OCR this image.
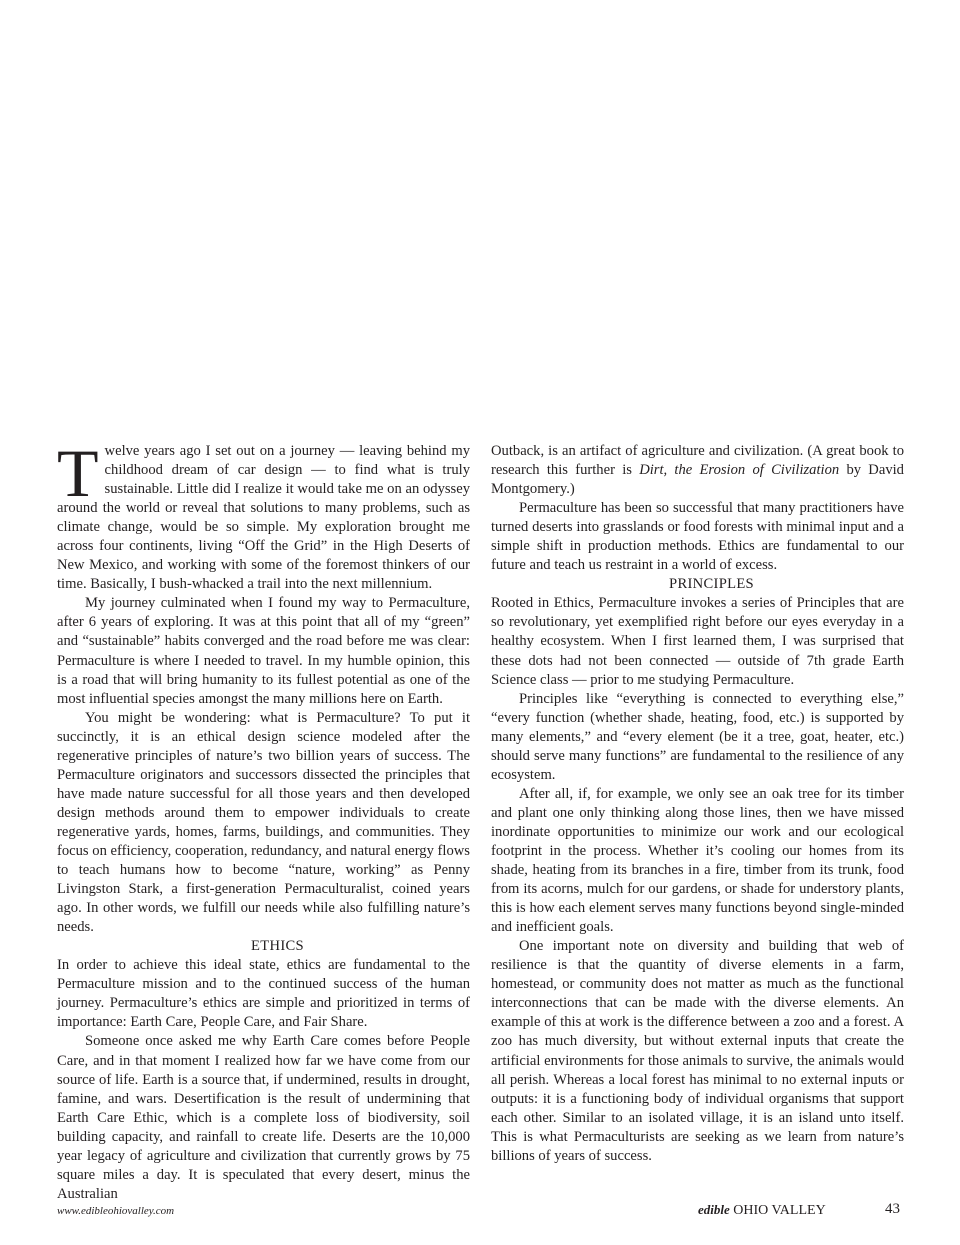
Twelve years ago I set out on a journey — leaving behind my childhood dream of car design — to find what is truly sustainable. Little did I realize it would take me on an odyssey around the world or reveal that solutions to many problems, such as climate change, would be so simple. My exploration brought me across four continents, living “Off the Grid” in the High Deserts of New Mexico, and working with some of the foremost thinkers of our time. Basically, I bush-whacked a trail into the next millennium.

My journey culminated when I found my way to Permaculture, after 6 years of exploring. It was at this point that all of my “green” and “sustainable” habits converged and the road before me was clear: Permaculture is where I needed to travel. In my humble opinion, this is a road that will bring humanity to its fullest potential as one of the most influential species amongst the many millions here on Earth.

You might be wondering: what is Permaculture? To put it succinctly, it is an ethical design science modeled after the regenerative principles of nature’s two billion years of success. The Permaculture originators and successors dissected the principles that have made nature successful for all those years and then developed design methods around them to empower individuals to create regenerative yards, homes, farms, buildings, and communities. They focus on efficiency, cooperation, redundancy, and natural energy flows to teach humans how to become “nature, working” as Penny Livingston Stark, a first-generation Permaculturalist, coined years ago. In other words, we fulfill our needs while also fulfilling nature’s needs.

ETHICS

In order to achieve this ideal state, ethics are fundamental to the Permaculture mission and to the continued success of the human journey. Permaculture’s ethics are simple and prioritized in terms of importance: Earth Care, People Care, and Fair Share.

Someone once asked me why Earth Care comes before People Care, and in that moment I realized how far we have come from our source of life. Earth is a source that, if undermined, results in drought, famine, and wars. Desertification is the result of undermining that Earth Care Ethic, which is a complete loss of biodiversity, soil building capacity, and rainfall to create life. Deserts are the 10,000 year legacy of agriculture and civilization that currently grows by 75 square miles a day. It is speculated that every desert, minus the Australian

Outback, is an artifact of agriculture and civilization. (A great book to research this further is Dirt, the Erosion of Civilization by David Montgomery.)

Permaculture has been so successful that many practitioners have turned deserts into grasslands or food forests with minimal input and a simple shift in production methods. Ethics are fundamental to our future and teach us restraint in a world of excess.

PRINCIPLES

Rooted in Ethics, Permaculture invokes a series of Principles that are so revolutionary, yet exemplified right before our eyes everyday in a healthy ecosystem. When I first learned them, I was surprised that these dots had not been connected — outside of 7th grade Earth Science class — prior to me studying Permaculture.

Principles like “everything is connected to everything else,” “every function (whether shade, heating, food, etc.) is supported by many elements,” and “every element (be it a tree, goat, heater, etc.) should serve many functions” are fundamental to the resilience of any ecosystem.

After all, if, for example, we only see an oak tree for its timber and plant one only thinking along those lines, then we have missed inordinate opportunities to minimize our work and our ecological footprint in the process. Whether it’s cooling our homes from its shade, heating from its branches in a fire, timber from its trunk, food from its acorns, mulch for our gardens, or shade for understory plants, this is how each element serves many functions beyond single-minded and inefficient goals.

One important note on diversity and building that web of resilience is that the quantity of diverse elements in a farm, homestead, or community does not matter as much as the functional interconnections that can be made with the diverse elements. An example of this at work is the difference between a zoo and a forest. A zoo has much diversity, but without external inputs that create the artificial environments for those animals to survive, the animals would all perish. Whereas a local forest has minimal to no external inputs or outputs: it is a functioning body of individual organisms that support each other. Similar to an isolated village, it is an island unto itself. This is what Permaculturists are seeking as we learn from nature’s billions of years of success.

www.edibleohiovalley.com	edible OHIO VALLEY	43
